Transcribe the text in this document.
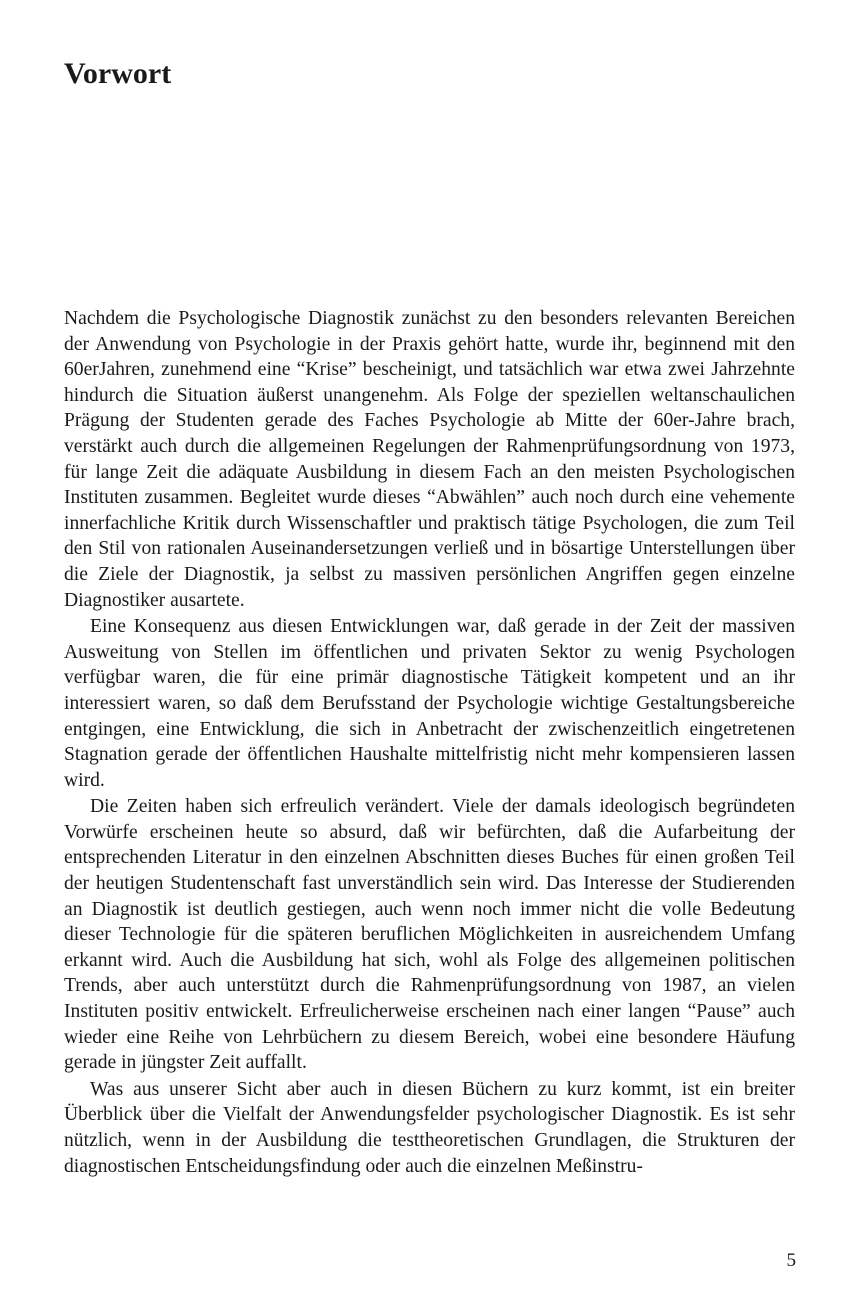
Vorwort

Nachdem die Psychologische Diagnostik zunächst zu den besonders relevanten Bereichen der Anwendung von Psychologie in der Praxis gehört hatte, wurde ihr, beginnend mit den 60erJahren, zunehmend eine “Krise” bescheinigt, und tatsächlich war etwa zwei Jahrzehnte hindurch die Situation äußerst unangenehm. Als Folge der speziellen weltanschaulichen Prägung der Studenten gerade des Faches Psychologie ab Mitte der 60er-Jahre brach, verstärkt auch durch die allgemeinen Regelungen der Rahmenprüfungsordnung von 1973, für lange Zeit die adäquate Ausbildung in diesem Fach an den meisten Psychologischen Instituten zusammen. Begleitet wurde dieses “Abwählen” auch noch durch eine vehemente innerfachliche Kritik durch Wissenschaftler und praktisch tätige Psychologen, die zum Teil den Stil von rationalen Auseinandersetzungen verließ und in bösartige Unterstellungen über die Ziele der Diagnostik, ja selbst zu massiven persönlichen Angriffen gegen einzelne Diagnostiker ausartete.

Eine Konsequenz aus diesen Entwicklungen war, daß gerade in der Zeit der massiven Ausweitung von Stellen im öffentlichen und privaten Sektor zu wenig Psychologen verfügbar waren, die für eine primär diagnostische Tätigkeit kompetent und an ihr interessiert waren, so daß dem Berufsstand der Psychologie wichtige Gestaltungsbereiche entgingen, eine Entwicklung, die sich in Anbetracht der zwischenzeitlich eingetretenen Stagnation gerade der öffentlichen Haushalte mittelfristig nicht mehr kompensieren lassen wird.

Die Zeiten haben sich erfreulich verändert. Viele der damals ideologisch begründeten Vorwürfe erscheinen heute so absurd, daß wir befürchten, daß die Aufarbeitung der entsprechenden Literatur in den einzelnen Abschnitten dieses Buches für einen großen Teil der heutigen Studentenschaft fast unverständlich sein wird. Das Interesse der Studierenden an Diagnostik ist deutlich gestiegen, auch wenn noch immer nicht die volle Bedeutung dieser Technologie für die späteren beruflichen Möglichkeiten in ausreichendem Umfang erkannt wird. Auch die Ausbildung hat sich, wohl als Folge des allgemeinen politischen Trends, aber auch unterstützt durch die Rahmenprüfungsordnung von 1987, an vielen Instituten positiv entwickelt. Erfreulicherweise erscheinen nach einer langen “Pause” auch wieder eine Reihe von Lehrbüchern zu diesem Bereich, wobei eine besondere Häufung gerade in jüngster Zeit auffallt.

Was aus unserer Sicht aber auch in diesen Büchern zu kurz kommt, ist ein breiter Überblick über die Vielfalt der Anwendungsfelder psychologischer Diagnostik. Es ist sehr nützlich, wenn in der Ausbildung die testtheoretischen Grundlagen, die Strukturen der diagnostischen Entscheidungsfindung oder auch die einzelnen Meßinstru-

5
